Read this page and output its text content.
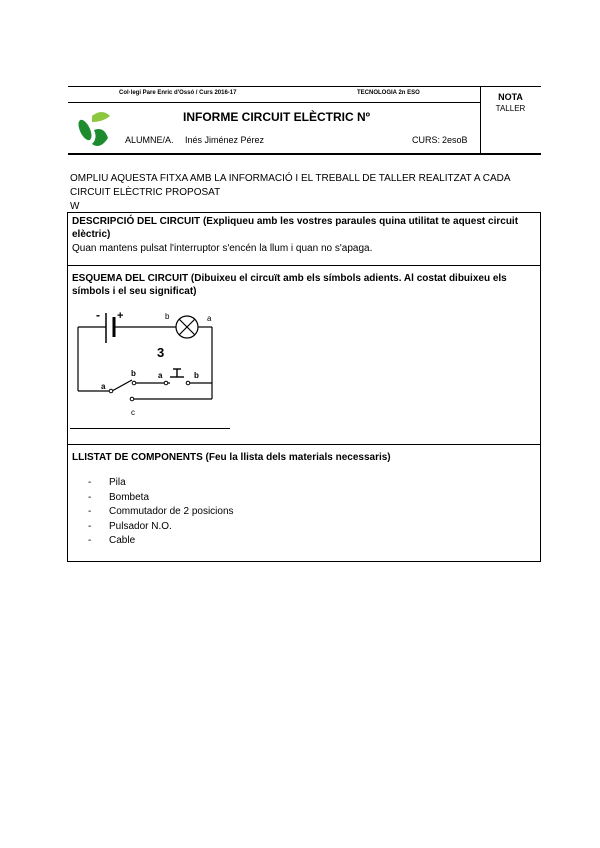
Col·legi Pare Enric d'Ossó / Curs 2016-17	TECNOLOGIA 2n ESO	NOTA
TALLER
INFORME CIRCUIT ELÈCTRIC Nº
ALUMNE/A. Inés Jiménez Pérez	CURS: 2esoB
OMPLIU AQUESTA FITXA AMB LA INFORMACIÓ I EL TREBALL DE TALLER REALITZAT A CADA
CIRCUIT ELÈCTRIC PROPOSAT
W
DESCRIPCIÓ DEL CIRCUIT (Expliqueu amb les vostres paraules quina utilitat te aquest circuit
elèctric)
Quan mantens pulsat l'interruptor s'encén la llum i quan no s'apaga.
ESQUEMA DEL CIRCUIT (Dibuixeu el circuït amb els símbols adients. Al costat dibuixeu els
símbols i el seu significat)
- +	b	a
3
a
b	a	b
c
LLISTAT DE COMPONENTS (Feu la llista dels materials necessaris)
- Pila
- Bombeta
- Commutador de 2 posicions
- Pulsador N.O.
- Cable
